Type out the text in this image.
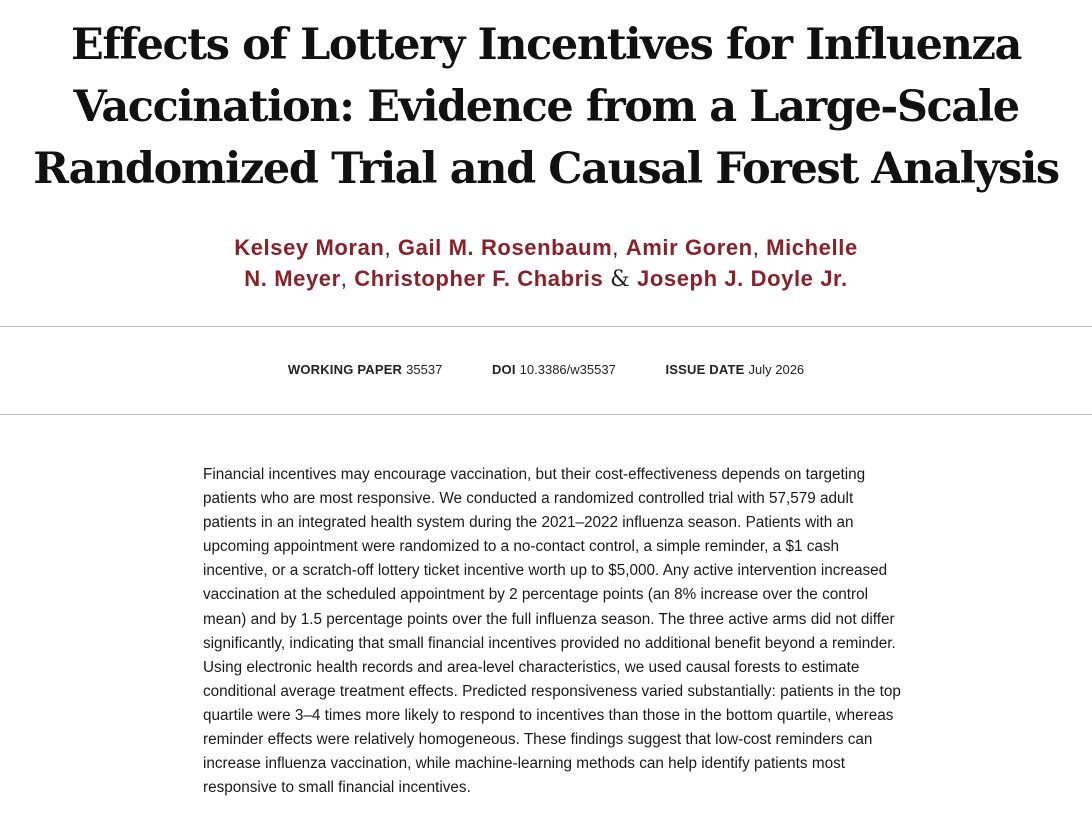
Effects of Lottery Incentives for Influenza
Vaccination: Evidence from a Large-Scale
Randomized Trial and Causal Forest Analysis
Kelsey Moran, Gail M. Rosenbaum, Amir Goren, Michelle
N. Meyer, Christopher F. Chabris & Joseph J. Doyle Jr.
WORKING PAPER 35537	DOI 10.3386/w35537	ISSUE DATE July 2026

Financial incentives may encourage vaccination, but their cost-effectiveness depends on targeting patients who are most responsive. We conducted a randomized controlled trial with 57,579 adult patients in an integrated health system during the 2021–2022 influenza season. Patients with an upcoming appointment were randomized to a no-contact control, a simple reminder, a $1 cash incentive, or a scratch-off lottery ticket incentive worth up to $5,000. Any active intervention increased vaccination at the scheduled appointment by 2 percentage points (an 8% increase over the control mean) and by 1.5 percentage points over the full influenza season. The three active arms did not differ significantly, indicating that small financial incentives provided no additional benefit beyond a reminder. Using electronic health records and area-level characteristics, we used causal forests to estimate conditional average treatment effects. Predicted responsiveness varied substantially: patients in the top quartile were 3–4 times more likely to respond to incentives than those in the bottom quartile, whereas reminder effects were relatively homogeneous. These findings suggest that low-cost reminders can increase influenza vaccination, while machine-learning methods can help identify patients most responsive to small financial incentives.
